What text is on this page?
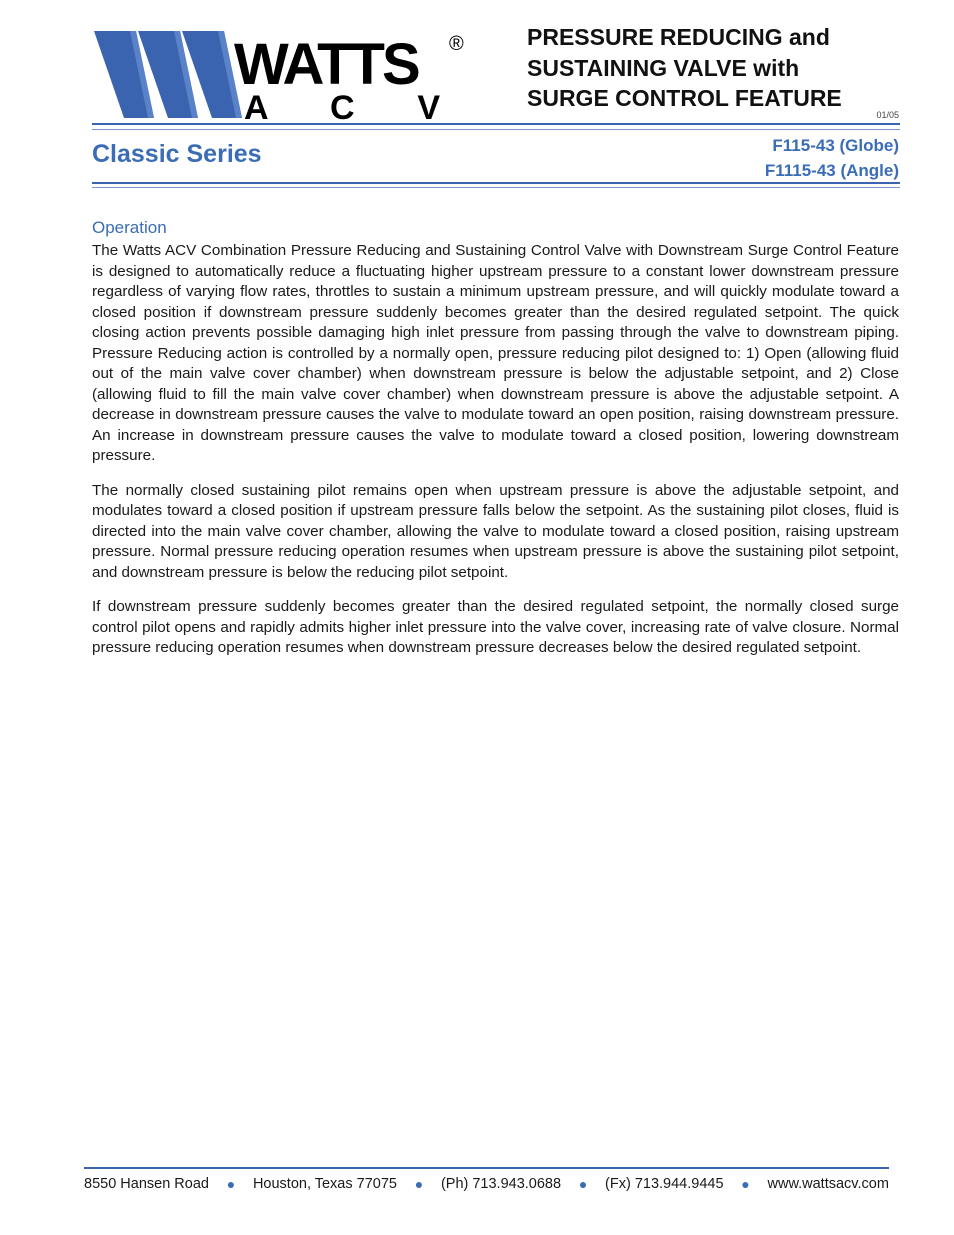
WATTS ®
A C V
PRESSURE REDUCING and
SUSTAINING VALVE with
SURGE CONTROL FEATURE
01/05
Classic Series	F115-43 (Globe)
F1115-43 (Angle)
Operation

The Watts ACV Combination Pressure Reducing and Sustaining Control Valve with Downstream Surge Control Feature is designed to automatically reduce a fluctuating higher upstream pressure to a constant lower downstream pressure regardless of varying flow rates, throttles to sustain a minimum upstream pressure, and will quickly modulate toward a closed position if downstream pressure suddenly becomes greater than the desired regulated setpoint. The quick closing action prevents possible damaging high inlet pressure from passing through the valve to downstream piping. Pressure Reducing action is controlled by a normally open, pressure reducing pilot designed to: 1) Open (allowing fluid out of the main valve cover chamber) when downstream pressure is below the adjustable setpoint, and 2) Close (allowing fluid to fill the main valve cover chamber) when downstream pressure is above the adjustable setpoint. A decrease in downstream pressure causes the valve to modulate toward an open position, raising downstream pressure. An increase in downstream pressure causes the valve to modulate toward a closed position, lowering downstream pressure.

The normally closed sustaining pilot remains open when upstream pressure is above the adjustable setpoint, and modulates toward a closed position if upstream pressure falls below the setpoint. As the sustaining pilot closes, fluid is directed into the main valve cover chamber, allowing the valve to modulate toward a closed position, raising upstream pressure. Normal pressure reducing operation resumes when upstream pressure is above the sustaining pilot setpoint, and downstream pressure is below the reducing pilot setpoint.

If downstream pressure suddenly becomes greater than the desired regulated setpoint, the normally closed surge control pilot opens and rapidly admits higher inlet pressure into the valve cover, increasing rate of valve closure. Normal pressure reducing operation resumes when downstream pressure decreases below the desired regulated setpoint.

8550 Hansen Road ● Houston, Texas 77075 ● (Ph) 713.943.0688 ● (Fx) 713.944.9445 ● www.wattsacv.com
